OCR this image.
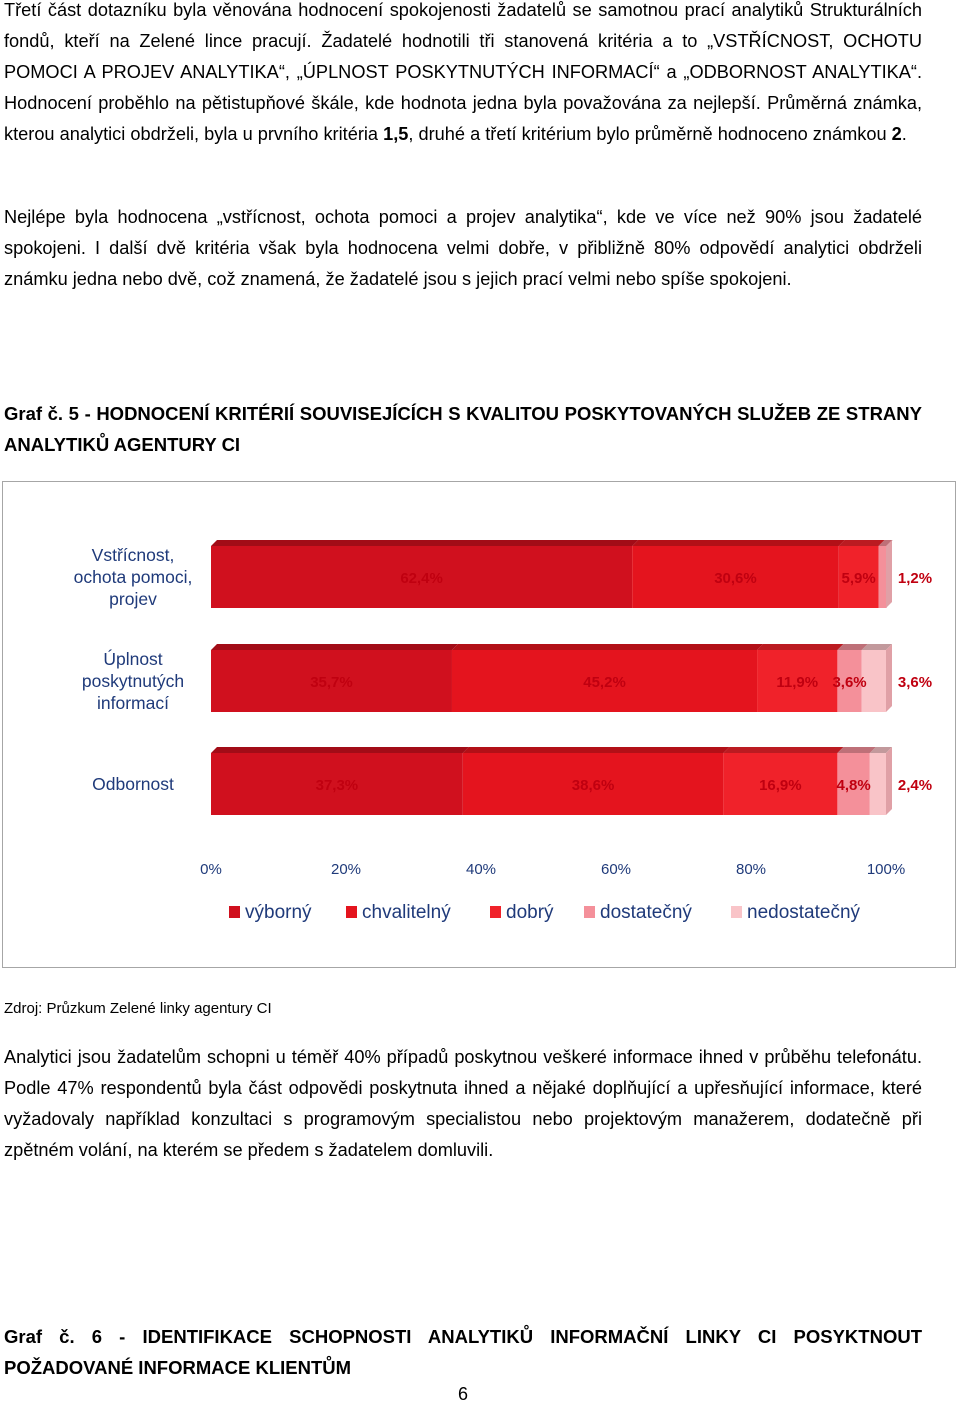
Třetí část dotazníku byla věnována hodnocení spokojenosti žadatelů se samotnou prací analytiků Strukturálních fondů, kteří na Zelené lince pracují. Žadatelé hodnotili tři stanovená kritéria a to „VSTŘÍCNOST, OCHOTU POMOCI A PROJEV ANALYTIKA“, „ÚPLNOST POSKYTNUTÝCH INFORMACÍ“ a „ODBORNOST ANALYTIKA“. Hodnocení proběhlo na pětistupňové škále, kde hodnota jedna byla považována za nejlepší. Průměrná známka, kterou analytici obdrželi, byla u prvního kritéria 1,5, druhé a třetí kritérium bylo průměrně hodnoceno známkou 2.

Nejlépe byla hodnocena „vstřícnost, ochota pomoci a projev analytika“, kde ve více než 90% jsou žadatelé spokojeni. I další dvě kritéria však byla hodnocena velmi dobře, v přibližně 80% odpovědí analytici obdrželi známku jedna nebo dvě, což znamená, že žadatelé jsou s jejich prací velmi nebo spíše spokojeni.

Graf č. 5 - HODNOCENÍ KRITÉRIÍ SOUVISEJÍCÍCH S KVALITOU POSKYTOVANÝCH SLUŽEB ZE STRANY ANALYTIKŮ AGENTURY CI

62,4%	30,6%	5,9% 1,2%
Vstřícnost,
ochota pomoci,
projev
35,7%	45,2%	11,9% 3,6% 3,6%
Úplnost
poskytnutých
informací
37,3%	38,6%	16,9% 4,8% 2,4%
Odbornost
0%	20%	40%	60%	80%	100%
výborný	chvalitelný	dobrý dostatečný	nedostatečný
Zdroj: Průzkum Zelené linky agentury CI

Analytici jsou žadatelům schopni u téměř 40% případů poskytnou veškeré informace ihned v průběhu telefonátu. Podle 47% respondentů byla část odpovědi poskytnuta ihned a nějaké doplňující a upřesňující informace, které vyžadovaly například konzultaci s programovým specialistou nebo projektovým manažerem, dodatečně při zpětném volání, na kterém se předem s žadatelem domluvili.

Graf č. 6 - IDENTIFIKACE SCHOPNOSTI ANALYTIKŮ INFORMAČNÍ LINKY CI POSYKTNOUT POŽADOVANÉ INFORMACE KLIENTŮM

6
